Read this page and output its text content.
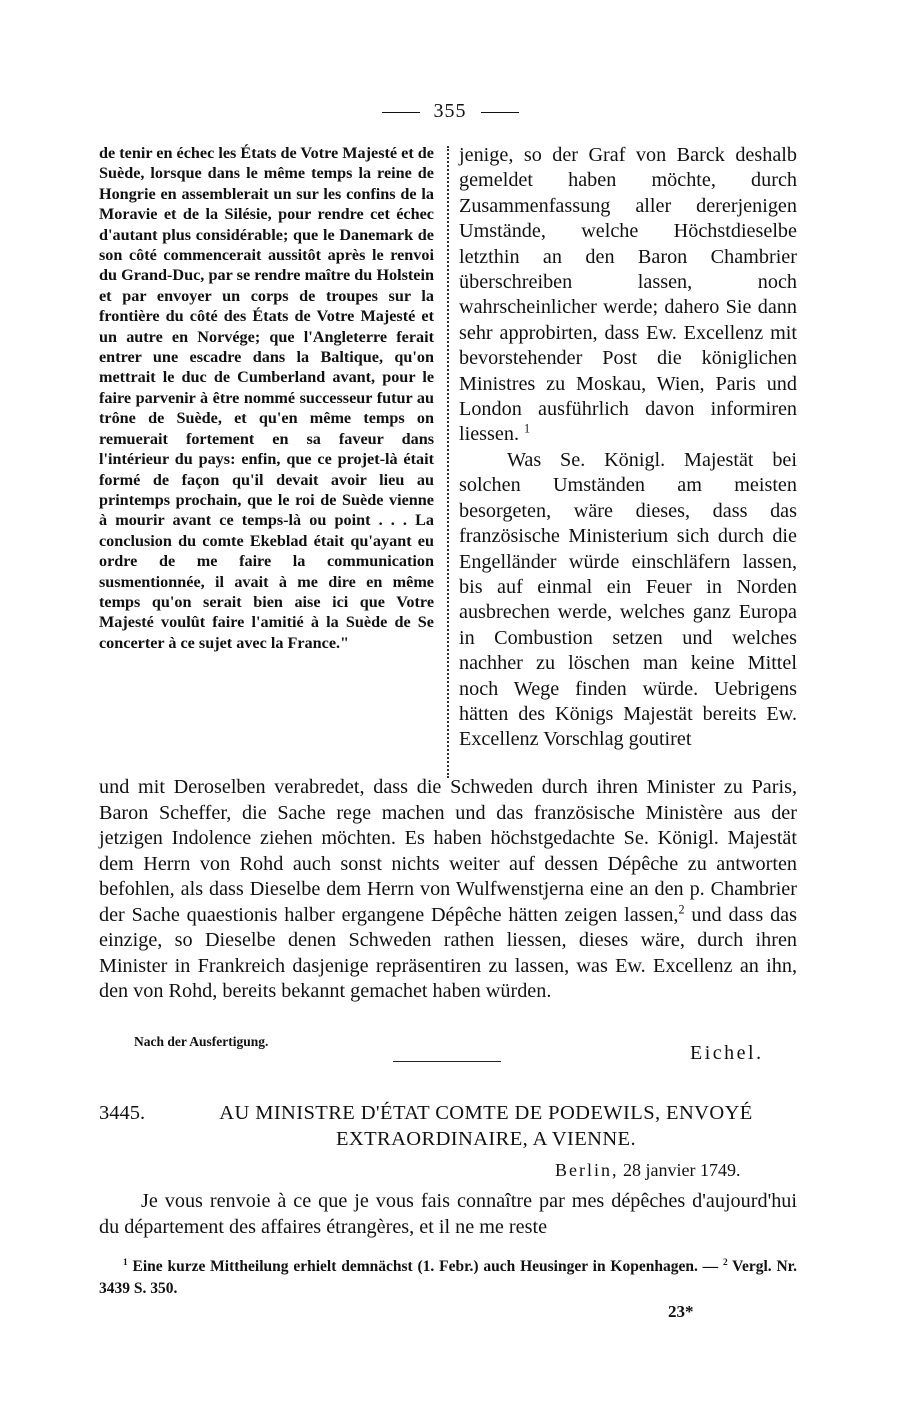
355
de tenir en échec les États de Votre Majesté et de Suède, lorsque dans le même temps la reine de Hongrie en assemblerait un sur les confins de la Moravie et de la Silésie, pour rendre cet échec d'autant plus considérable; que le Danemark de son côté commencerait aussitôt après le renvoi du Grand-Duc, par se rendre maître du Holstein et par envoyer un corps de troupes sur la frontière du côté des États de Votre Majesté et un autre en Norvége; que l'Angleterre ferait entrer une escadre dans la Baltique, qu'on mettrait le duc de Cumberland avant, pour le faire parvenir à être nommé successeur futur au trône de Suède, et qu'en même temps on remuerait fortement en sa faveur dans l'intérieur du pays: enfin, que ce projet-là était formé de façon qu'il devait avoir lieu au printemps prochain, que le roi de Suède vienne à mourir avant ce temps-là ou point . . . La conclusion du comte Ekeblad était qu'ayant eu ordre de me faire la communication susmentionnée, il avait à me dire en même temps qu'on serait bien aise ici que Votre Majesté voulût faire l'amitié à la Suède de Se concerter à ce sujet avec la France."

jenige, so der Graf von Barck deshalb gemeldet haben möchte, durch Zusammenfassung aller dererjenigen Umstände, welche Höchstdieselbe letzthin an den Baron Chambrier überschreiben lassen, noch wahrscheinlicher werde; dahero Sie dann sehr approbirten, dass Ew. Excellenz mit bevorstehender Post die königlichen Ministres zu Moskau, Wien, Paris und London ausführlich davon informiren liessen. $^1$

Was Se. Königl. Majestät bei solchen Umständen am meisten besorgeten, wäre dieses, dass das französische Ministerium sich durch die Engelländer würde einschläfern lassen, bis auf einmal ein Feuer in Norden ausbrechen werde, welches ganz Europa in Combustion setzen und welches nachher zu löschen man keine Mittel noch Wege finden würde. Uebrigens hätten des Königs Majestät bereits Ew. Excellenz Vorschlag goutiret

und mit Deroselben verabredet, dass die Schweden durch ihren Minister zu Paris, Baron Scheffer, die Sache rege machen und das französische Ministère aus der jetzigen Indolence ziehen möchten. Es haben höchstgedachte Se. Königl. Majestät dem Herrn von Rohd auch sonst nichts weiter auf dessen Dépêche zu antworten befohlen, als dass Dieselbe dem Herrn von Wulfwenstjerna eine an den p. Chambrier der Sache quaestionis halber ergangene Dépêche hätten zeigen lassen,$^2$ und dass das einzige, so Dieselbe denen Schweden rathen liessen, dieses wäre, durch ihren Minister in Frankreich dasjenige repräsentiren zu lassen, was Ew. Excellenz an ihn, den von Rohd, bereits bekannt gemachet haben würden.

Nach der Ausfertigung.

Eichel.

3445.	AU MINISTRE D'ÉTAT COMTE DE PODEWILS, ENVOYÉ EXTRAORDINAIRE, A VIENNE.

Berlin, 28 janvier 1749.

Je vous renvoie à ce que je vous fais connaître par mes dépêches d'aujourd'hui du département des affaires étrangères, et il ne me reste

$^1$ Eine kurze Mittheilung erhielt demnächst (1. Febr.) auch Heusinger in Kopenhagen. — $^2$ Vergl. Nr. 3439 S. 350.

23*
